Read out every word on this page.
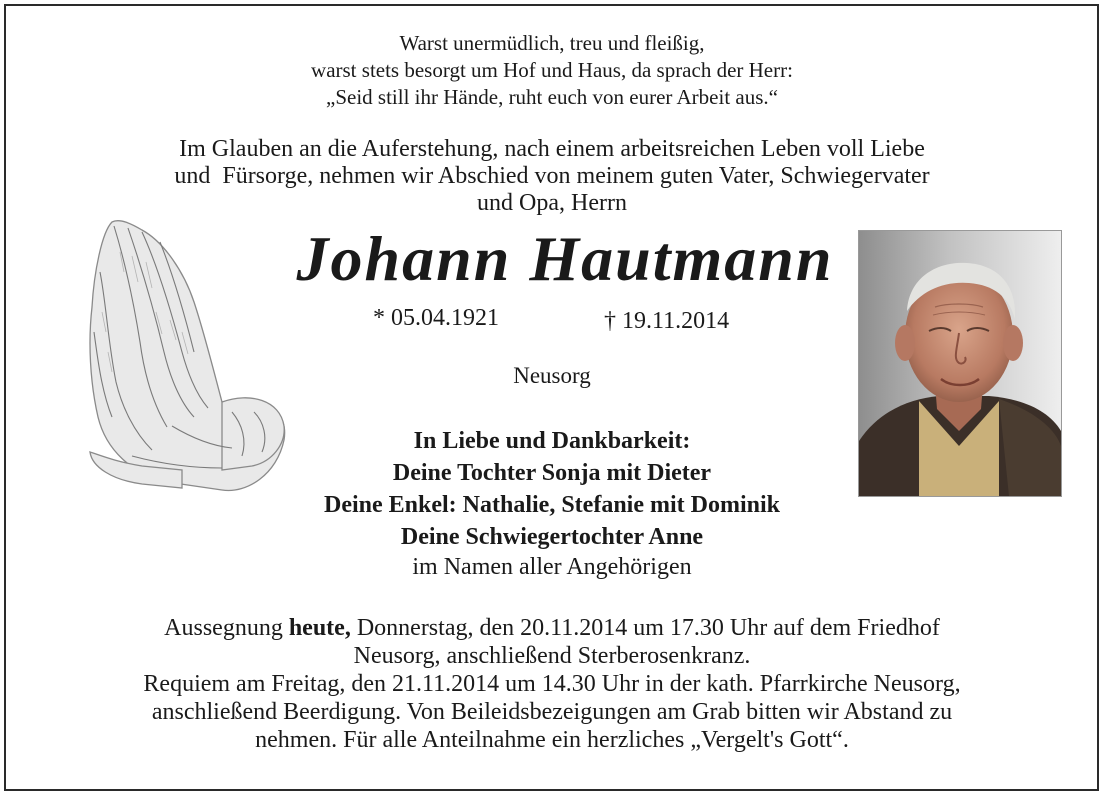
Warst unermüdlich, treu und fleißig,
warst stets besorgt um Hof und Haus, da sprach der Herr:
„Seid still ihr Hände, ruht euch von eurer Arbeit aus.“
Im Glauben an die Auferstehung, nach einem arbeitsreichen Leben voll Liebe
und  Fürsorge, nehmen wir Abschied von meinem guten Vater, Schwiegervater
und Opa, Herrn
Johann Hautmann
* 05.04.1921	† 19.11.2014
Neusorg
In Liebe und Dankbarkeit:
Deine Tochter Sonja mit Dieter
Deine Enkel: Nathalie, Stefanie mit Dominik
Deine Schwiegertochter Anne
im Namen aller Angehörigen
Aussegnung heute, Donnerstag, den 20.11.2014 um 17.30 Uhr auf dem Friedhof
Neusorg, anschließend Sterberosenkranz.
Requiem am Freitag, den 21.11.2014 um 14.30 Uhr in der kath. Pfarrkirche Neusorg,
anschließend Beerdigung. Von Beileidsbezeigungen am Grab bitten wir Abstand zu
nehmen. Für alle Anteilnahme ein herzliches „Vergelt's Gott“.
